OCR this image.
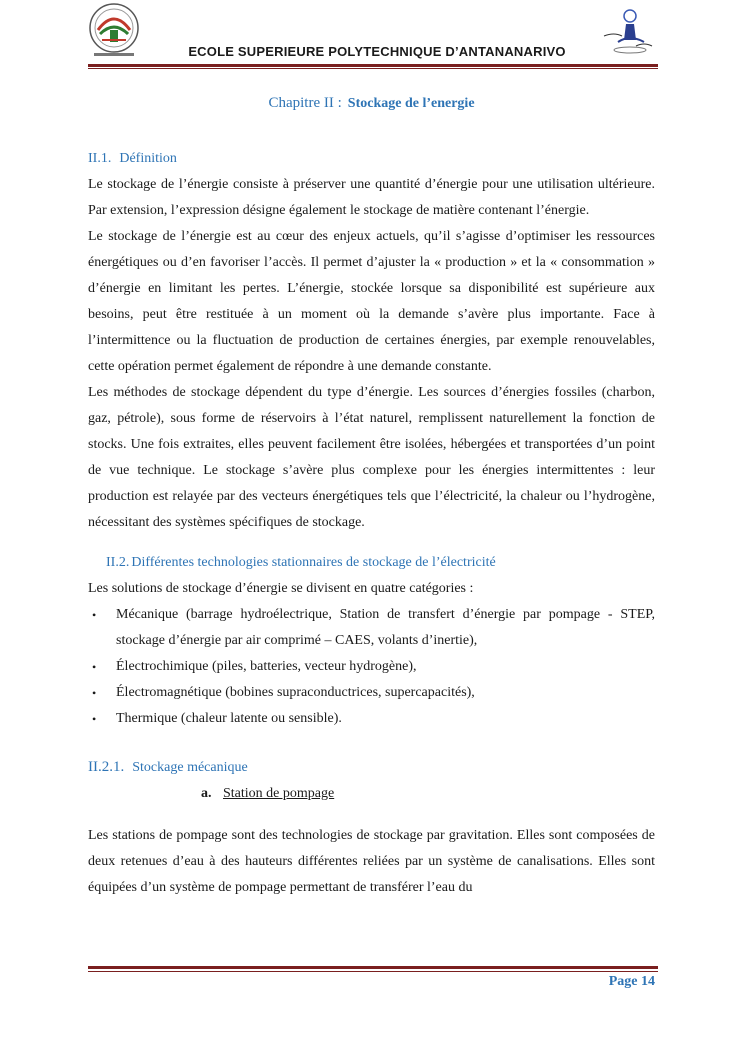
ECOLE SUPERIEURE POLYTECHNIQUE D’ANTANANARIVO
Chapitre II : Stockage de l’energie
II.1. Définition

Le stockage de l’énergie consiste à préserver une quantité d’énergie pour une utilisation ultérieure. Par extension, l’expression désigne également le stockage de matière contenant l’énergie.

Le stockage de l’énergie est au cœur des enjeux actuels, qu’il s’agisse d’optimiser les ressources énergétiques ou d’en favoriser l’accès. Il permet d’ajuster la « production » et la « consommation » d’énergie en limitant les pertes. L’énergie, stockée lorsque sa disponibilité est supérieure aux besoins, peut être restituée à un moment où la demande s’avère plus importante. Face à l’intermittence ou la fluctuation de production de certaines énergies, par exemple renouvelables, cette opération permet également de répondre à une demande constante.

Les méthodes de stockage dépendent du type d’énergie. Les sources d’énergies fossiles (charbon, gaz, pétrole), sous forme de réservoirs à l’état naturel, remplissent naturellement la fonction de stocks. Une fois extraites, elles peuvent facilement être isolées, hébergées et transportées d’un point de vue technique. Le stockage s’avère plus complexe pour les énergies intermittentes : leur production est relayée par des vecteurs énergétiques tels que l’électricité, la chaleur ou l’hydrogène, nécessitant des systèmes spécifiques de stockage.

II.2. Différentes technologies stationnaires de stockage de l’électricité

Les solutions de stockage d’énergie se divisent en quatre catégories :

• Mécanique (barrage hydroélectrique, Station de transfert d’énergie par pompage - STEP, stockage d’énergie par air comprimé – CAES, volants d’inertie),
• Électrochimique (piles, batteries, vecteur hydrogène),
• Électromagnétique (bobines supraconductrices, supercapacités),
• Thermique (chaleur latente ou sensible).
II.2.1. Stockage mécanique
a. Station de pompage

Les stations de pompage sont des technologies de stockage par gravitation. Elles sont composées de deux retenues d’eau à des hauteurs différentes reliées par un système de canalisations. Elles sont équipées d’un système de pompage permettant de transférer l’eau du

Page 14
